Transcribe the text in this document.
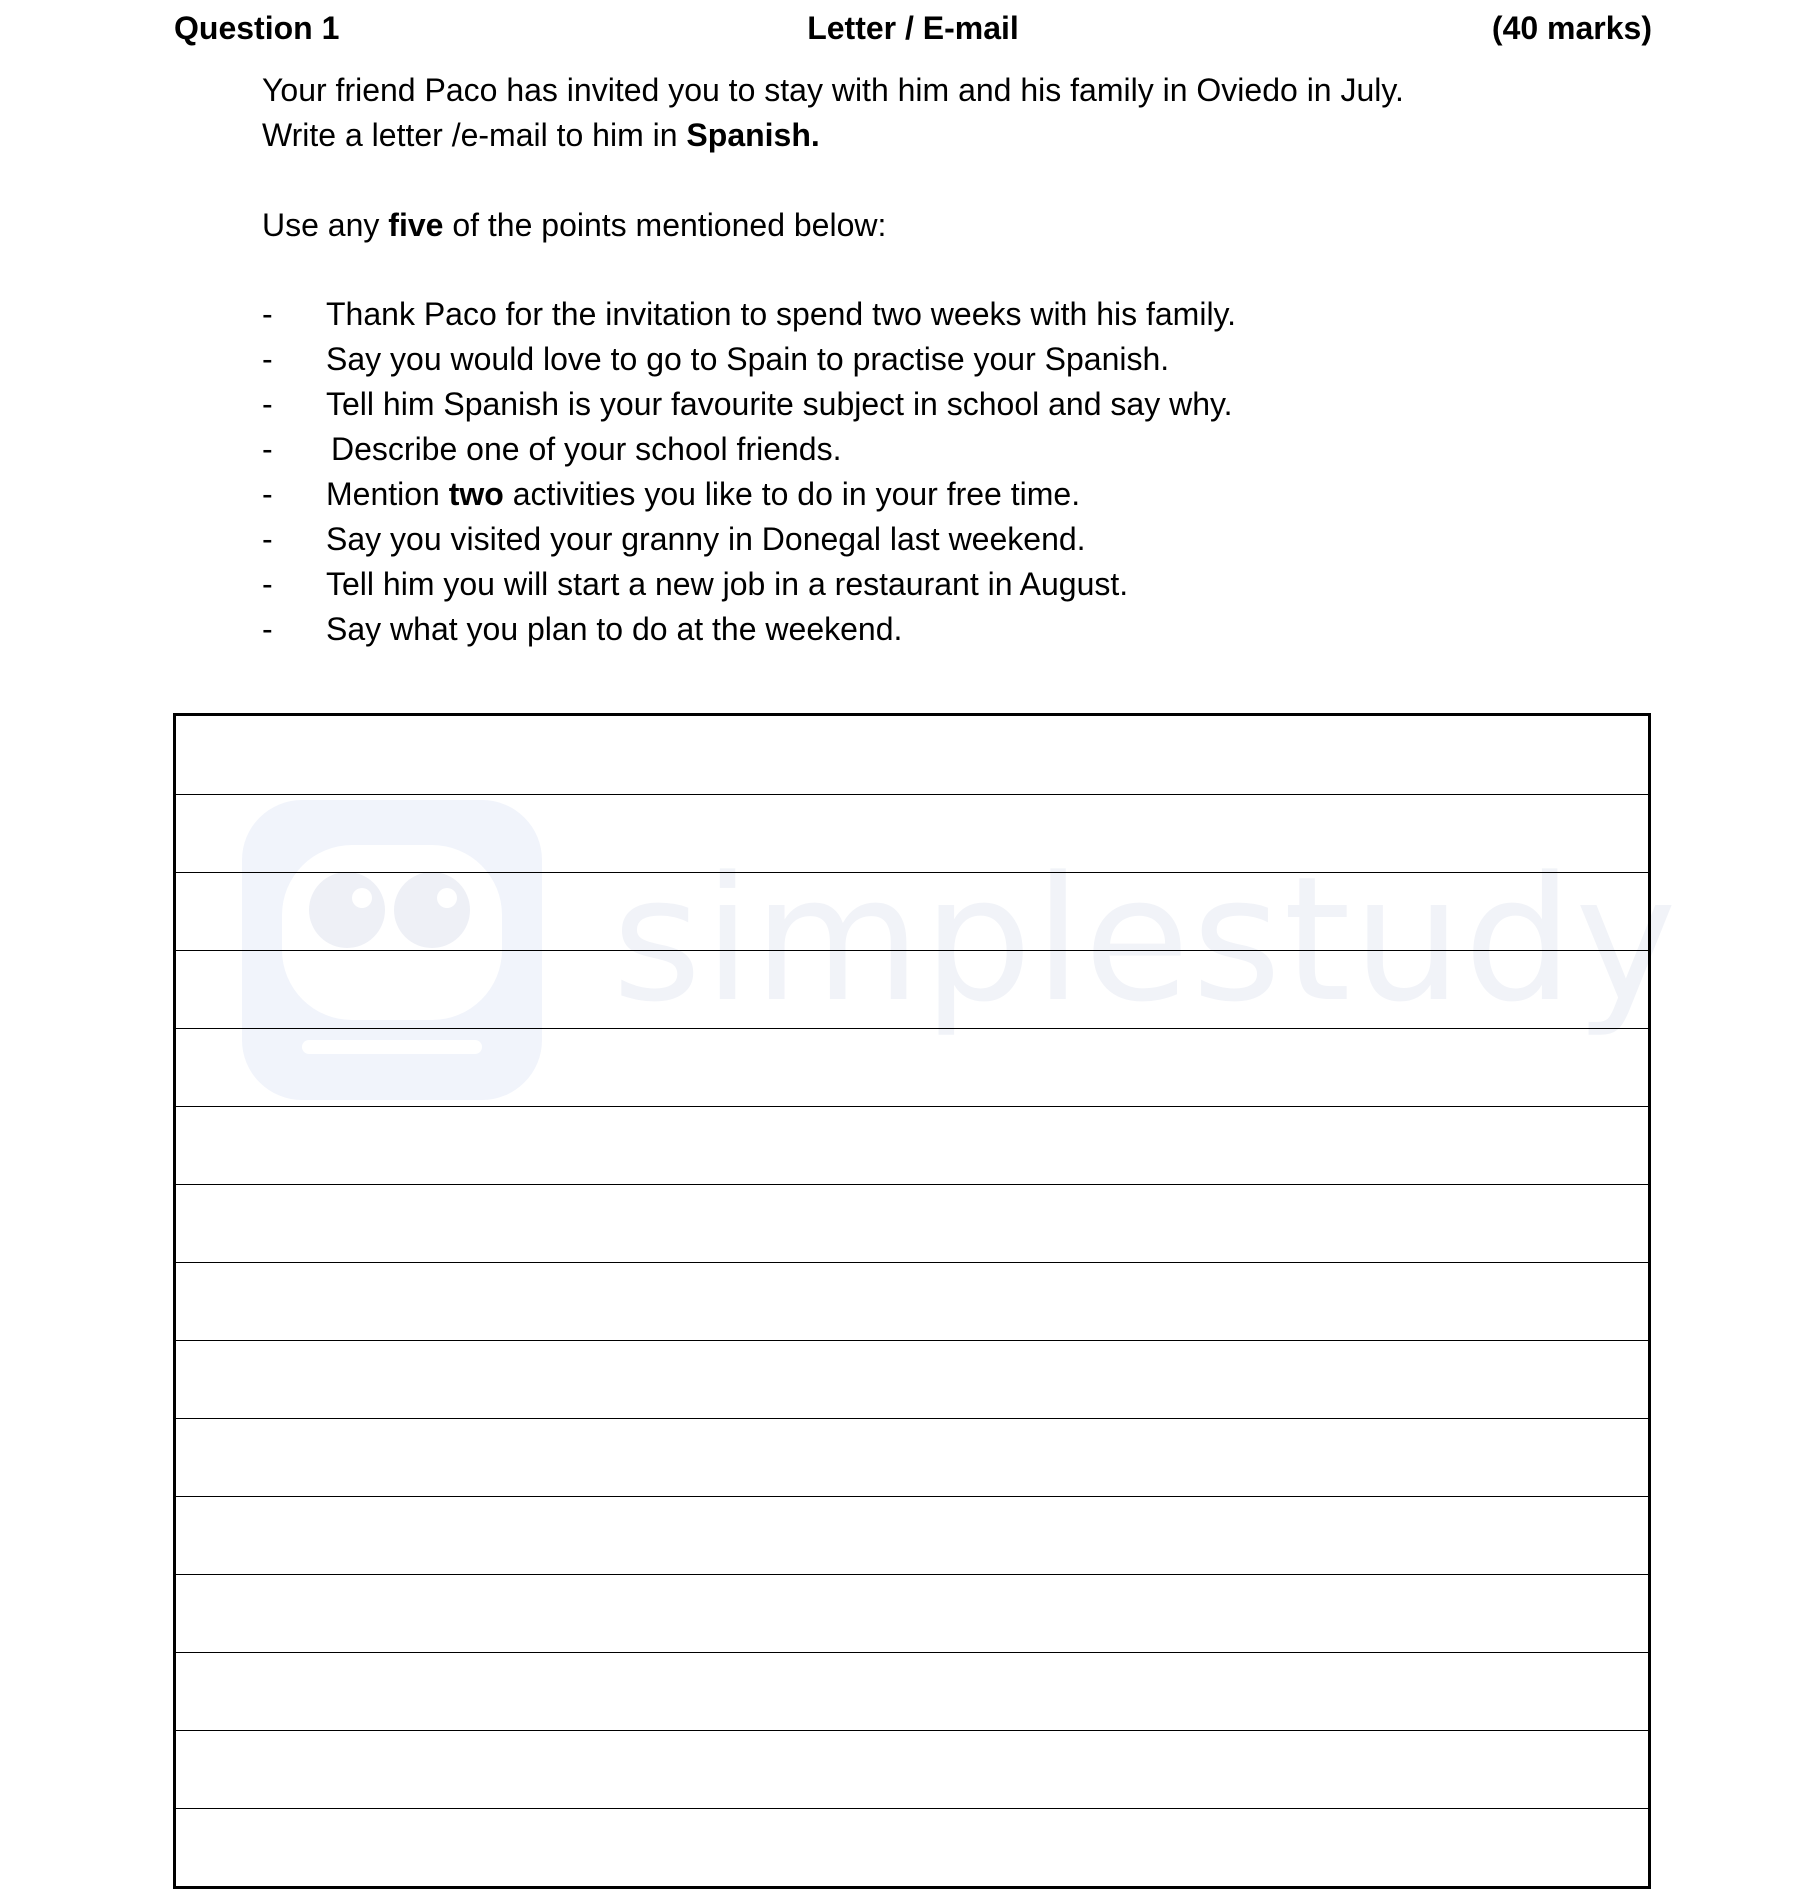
simplestudy
Question 1	Letter / E-mail	(40 marks)
Your friend Paco has invited you to stay with him and his family in Oviedo in July.
Write a letter /e-mail to him in Spanish.
Use any five of the points mentioned below:
- Thank Paco for the invitation to spend two weeks with his family.
- Say you would love to go to Spain to practise your Spanish.
- Tell him Spanish is your favourite subject in school and say why.
- Describe one of your school friends.
- Mention two activities you like to do in your free time.
- Say you visited your granny in Donegal last weekend.
- Tell him you will start a new job in a restaurant in August.
- Say what you plan to do at the weekend.
